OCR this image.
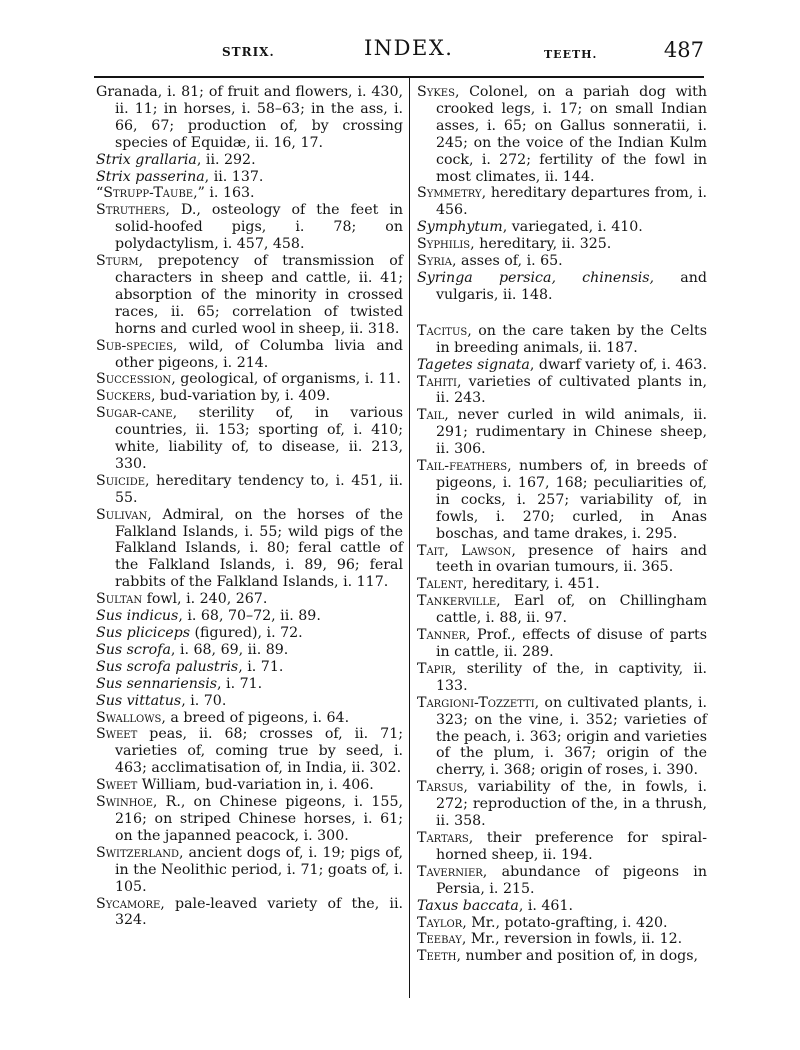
STRIX.	INDEX.	TEETH.	487

Granada, i. 81; of fruit and flowers, i. 430, ii. 11; in horses, i. 58–63; in the ass, i. 66, 67; production of, by crossing species of Equidæ, ii. 16, 17.

Strix grallaria, ii. 292.

Strix passerina, ii. 137.

“Strupp-Taube,” i. 163.

Struthers, D., osteology of the feet in solid-hoofed pigs, i. 78; on polydactylism, i. 457, 458.

Sturm, prepotency of transmission of characters in sheep and cattle, ii. 41; absorption of the minority in crossed races, ii. 65; correlation of twisted horns and curled wool in sheep, ii. 318.

Sub-species, wild, of Columba livia and other pigeons, i. 214.

Succession, geological, of organisms, i. 11.

Suckers, bud-variation by, i. 409.

Sugar-cane, sterility of, in various countries, ii. 153; sporting of, i. 410; white, liability of, to disease, ii. 213, 330.

Suicide, hereditary tendency to, i. 451, ii. 55.

Sulivan, Admiral, on the horses of the Falkland Islands, i. 55; wild pigs of the Falkland Islands, i. 80; feral cattle of the Falkland Islands, i. 89, 96; feral rabbits of the Falkland Islands, i. 117.

Sultan fowl, i. 240, 267.

Sus indicus, i. 68, 70–72, ii. 89.

Sus pliciceps (figured), i. 72.

Sus scrofa, i. 68, 69, ii. 89.

Sus scrofa palustris, i. 71.

Sus sennariensis, i. 71.

Sus vittatus, i. 70.

Swallows, a breed of pigeons, i. 64.

Sweet peas, ii. 68; crosses of, ii. 71; varieties of, coming true by seed, i. 463; acclimatisation of, in India, ii. 302.

Sweet William, bud-variation in, i. 406.

Swinhoe, R., on Chinese pigeons, i. 155, 216; on striped Chinese horses, i. 61; on the japanned peacock, i. 300.

Switzerland, ancient dogs of, i. 19; pigs of, in the Neolithic period, i. 71; goats of, i. 105.

Sycamore, pale-leaved variety of the, ii. 324.

Sykes, Colonel, on a pariah dog with crooked legs, i. 17; on small Indian asses, i. 65; on Gallus sonneratii, i. 245; on the voice of the Indian Kulm cock, i. 272; fertility of the fowl in most climates, ii. 144.

Symmetry, hereditary departures from, i. 456.

Symphytum, variegated, i. 410.

Syphilis, hereditary, ii. 325.

Syria, asses of, i. 65.

Syringa persica, chinensis, and vulgaris, ii. 148.

Tacitus, on the care taken by the Celts in breeding animals, ii. 187.

Tagetes signata, dwarf variety of, i. 463.

Tahiti, varieties of cultivated plants in, ii. 243.

Tail, never curled in wild animals, ii. 291; rudimentary in Chinese sheep, ii. 306.

Tail-feathers, numbers of, in breeds of pigeons, i. 167, 168; peculiarities of, in cocks, i. 257; variability of, in fowls, i. 270; curled, in Anas boschas, and tame drakes, i. 295.

Tait, Lawson, presence of hairs and teeth in ovarian tumours, ii. 365.

Talent, hereditary, i. 451.

Tankerville, Earl of, on Chillingham cattle, i. 88, ii. 97.

Tanner, Prof., effects of disuse of parts in cattle, ii. 289.

Tapir, sterility of the, in captivity, ii. 133.

Targioni-Tozzetti, on cultivated plants, i. 323; on the vine, i. 352; varieties of the peach, i. 363; origin and varieties of the plum, i. 367; origin of the cherry, i. 368; origin of roses, i. 390.

Tarsus, variability of the, in fowls, i. 272; reproduction of the, in a thrush, ii. 358.

Tartars, their preference for spiral-horned sheep, ii. 194.

Tavernier, abundance of pigeons in Persia, i. 215.

Taxus baccata, i. 461.

Taylor, Mr., potato-grafting, i. 420.

Teebay, Mr., reversion in fowls, ii. 12.

Teeth, number and position of, in dogs,
